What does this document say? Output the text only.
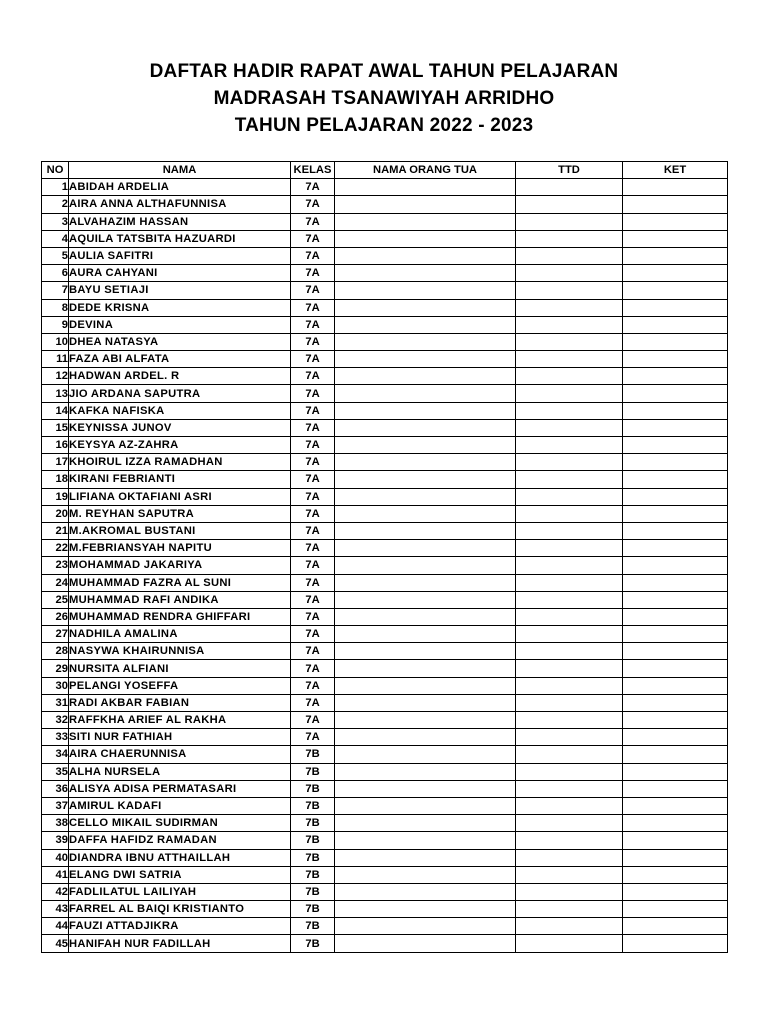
DAFTAR HADIR RAPAT AWAL TAHUN PELAJARAN
MADRASAH TSANAWIYAH ARRIDHO
TAHUN PELAJARAN 2022 - 2023
NO	NAMA	KELAS	NAMA ORANG TUA	TTD	KET
1	ABIDAH ARDELIA	7A			
2	AIRA ANNA ALTHAFUNNISA	7A			
3	ALVAHAZIM HASSAN	7A			
4	AQUILA TATSBITA HAZUARDI	7A			
5	AULIA SAFITRI	7A			
6	AURA CAHYANI	7A			
7	BAYU SETIAJI	7A			
8	DEDE KRISNA	7A			
9	DEVINA	7A			
10	DHEA NATASYA	7A			
11	FAZA ABI ALFATA	7A			
12	HADWAN ARDEL. R	7A			
13	JIO ARDANA SAPUTRA	7A			
14	KAFKA NAFISKA	7A			
15	KEYNISSA JUNOV	7A			
16	KEYSYA AZ-ZAHRA	7A			
17	KHOIRUL IZZA RAMADHAN	7A			
18	KIRANI FEBRIANTI	7A			
19	LIFIANA OKTAFIANI ASRI	7A			
20	M. REYHAN SAPUTRA	7A			
21	M.AKROMAL BUSTANI	7A			
22	M.FEBRIANSYAH NAPITU	7A			
23	MOHAMMAD JAKARIYA	7A			
24	MUHAMMAD FAZRA AL SUNI	7A			
25	MUHAMMAD RAFI ANDIKA	7A			
26	MUHAMMAD RENDRA GHIFFARI	7A			
27	NADHILA AMALINA	7A			
28	NASYWA KHAIRUNNISA	7A			
29	NURSITA ALFIANI	7A			
30	PELANGI YOSEFFA	7A			
31	RADI AKBAR FABIAN	7A			
32	RAFFKHA ARIEF AL RAKHA	7A			
33	SITI NUR FATHIAH	7A			
34	AIRA CHAERUNNISA	7B			
35	ALHA NURSELA	7B			
36	ALISYA ADISA PERMATASARI	7B			
37	AMIRUL KADAFI	7B			
38	CELLO MIKAIL SUDIRMAN	7B			
39	DAFFA HAFIDZ RAMADAN	7B			
40	DIANDRA IBNU ATTHAILLAH	7B			
41	ELANG DWI SATRIA	7B			
42	FADLILATUL LAILIYAH	7B			
43	FARREL AL BAIQI KRISTIANTO	7B			
44	FAUZI ATTADJIKRA	7B			
45	HANIFAH NUR FADILLAH	7B			
